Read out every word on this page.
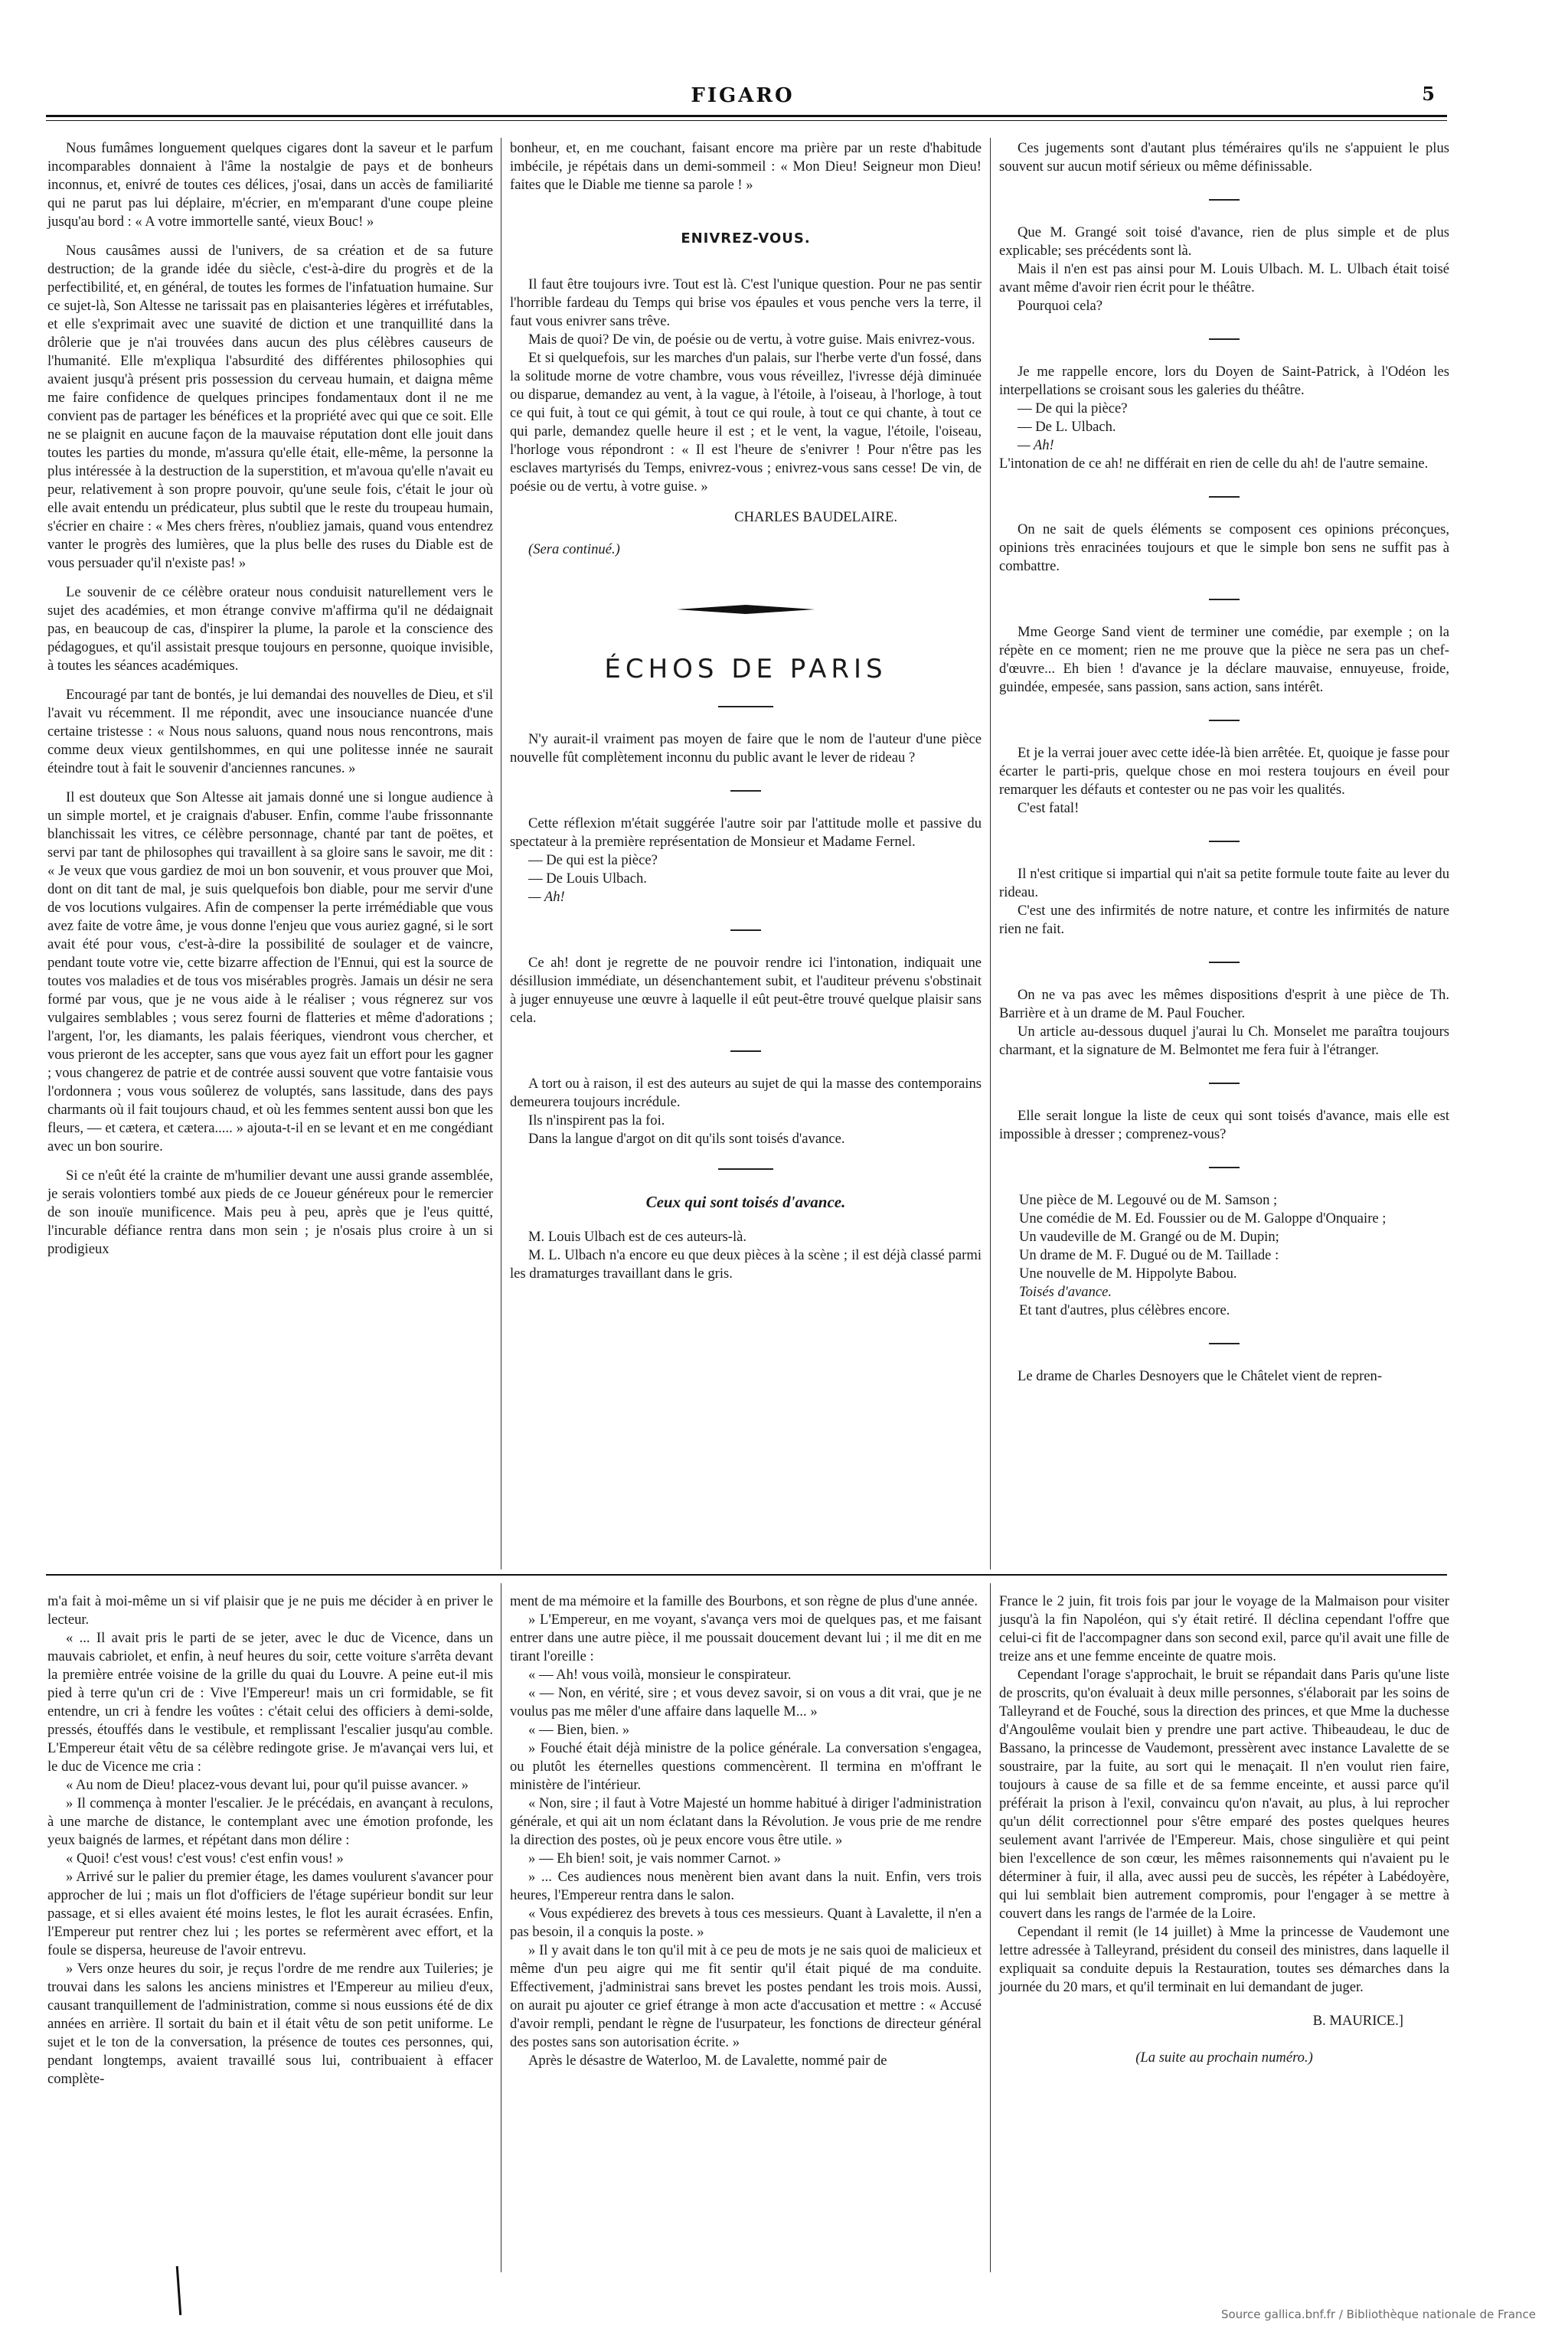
FIGARO	5

Nous fumâmes longuement quelques cigares dont la saveur et le parfum incomparables donnaient à l'âme la nostalgie de pays et de bonheurs inconnus, et, enivré de toutes ces délices, j'osai, dans un accès de familiarité qui ne parut pas lui déplaire, m'écrier, en m'emparant d'une coupe pleine jusqu'au bord : « A votre immortelle santé, vieux Bouc! »

Nous causâmes aussi de l'univers, de sa création et de sa future destruction; de la grande idée du siècle, c'est-à-dire du progrès et de la perfectibilité, et, en général, de toutes les formes de l'infatuation humaine. Sur ce sujet-là, Son Altesse ne tarissait pas en plaisanteries légères et irréfutables, et elle s'exprimait avec une suavité de diction et une tranquillité dans la drôlerie que je n'ai trouvées dans aucun des plus célèbres causeurs de l'humanité. Elle m'expliqua l'absurdité des différentes philosophies qui avaient jusqu'à présent pris possession du cerveau humain, et daigna même me faire confidence de quelques principes fondamentaux dont il ne me convient pas de partager les bénéfices et la propriété avec qui que ce soit. Elle ne se plaignit en aucune façon de la mauvaise réputation dont elle jouit dans toutes les parties du monde, m'assura qu'elle était, elle-même, la personne la plus intéressée à la destruction de la superstition, et m'avoua qu'elle n'avait eu peur, relativement à son propre pouvoir, qu'une seule fois, c'était le jour où elle avait entendu un prédicateur, plus subtil que le reste du troupeau humain, s'écrier en chaire : « Mes chers frères, n'oubliez jamais, quand vous entendrez vanter le progrès des lumières, que la plus belle des ruses du Diable est de vous persuader qu'il n'existe pas! »

Le souvenir de ce célèbre orateur nous conduisit naturellement vers le sujet des académies, et mon étrange convive m'affirma qu'il ne dédaignait pas, en beaucoup de cas, d'inspirer la plume, la parole et la conscience des pédagogues, et qu'il assistait presque toujours en personne, quoique invisible, à toutes les séances académiques.

Encouragé par tant de bontés, je lui demandai des nouvelles de Dieu, et s'il l'avait vu récemment. Il me répondit, avec une insouciance nuancée d'une certaine tristesse : « Nous nous saluons, quand nous nous rencontrons, mais comme deux vieux gentilshommes, en qui une politesse innée ne saurait éteindre tout à fait le souvenir d'anciennes rancunes. »

Il est douteux que Son Altesse ait jamais donné une si longue audience à un simple mortel, et je craignais d'abuser. Enfin, comme l'aube frissonnante blanchissait les vitres, ce célèbre personnage, chanté par tant de poëtes, et servi par tant de philosophes qui travaillent à sa gloire sans le savoir, me dit : « Je veux que vous gardiez de moi un bon souvenir, et vous prouver que Moi, dont on dit tant de mal, je suis quelquefois bon diable, pour me servir d'une de vos locutions vulgaires. Afin de compenser la perte irrémédiable que vous avez faite de votre âme, je vous donne l'enjeu que vous auriez gagné, si le sort avait été pour vous, c'est-à-dire la possibilité de soulager et de vaincre, pendant toute votre vie, cette bizarre affection de l'Ennui, qui est la source de toutes vos maladies et de tous vos misérables progrès. Jamais un désir ne sera formé par vous, que je ne vous aide à le réaliser ; vous régnerez sur vos vulgaires semblables ; vous serez fourni de flatteries et même d'adorations ; l'argent, l'or, les diamants, les palais féeriques, viendront vous chercher, et vous prieront de les accepter, sans que vous ayez fait un effort pour les gagner ; vous changerez de patrie et de contrée aussi souvent que votre fantaisie vous l'ordonnera ; vous vous soûlerez de voluptés, sans lassitude, dans des pays charmants où il fait toujours chaud, et où les femmes sentent aussi bon que les fleurs, — et cætera, et cætera..... » ajouta-t-il en se levant et en me congédiant avec un bon sourire.

Si ce n'eût été la crainte de m'humilier devant une aussi grande assemblée, je serais volontiers tombé aux pieds de ce Joueur généreux pour le remercier de son inouïe munificence. Mais peu à peu, après que je l'eus quitté, l'incurable défiance rentra dans mon sein ; je n'osais plus croire à un si prodigieux

bonheur, et, en me couchant, faisant encore ma prière par un reste d'habitude imbécile, je répétais dans un demi-sommeil : « Mon Dieu! Seigneur mon Dieu! faites que le Diable me tienne sa parole ! »

ENIVREZ-VOUS.

Il faut être toujours ivre. Tout est là. C'est l'unique question. Pour ne pas sentir l'horrible fardeau du Temps qui brise vos épaules et vous penche vers la terre, il faut vous enivrer sans trêve.

Mais de quoi? De vin, de poésie ou de vertu, à votre guise. Mais enivrez-vous.

Et si quelquefois, sur les marches d'un palais, sur l'herbe verte d'un fossé, dans la solitude morne de votre chambre, vous vous réveillez, l'ivresse déjà diminuée ou disparue, demandez au vent, à la vague, à l'étoile, à l'oiseau, à l'horloge, à tout ce qui fuit, à tout ce qui gémit, à tout ce qui roule, à tout ce qui chante, à tout ce qui parle, demandez quelle heure il est ; et le vent, la vague, l'étoile, l'oiseau, l'horloge vous répondront : « Il est l'heure de s'enivrer ! Pour n'être pas les esclaves martyrisés du Temps, enivrez-vous ; enivrez-vous sans cesse! De vin, de poésie ou de vertu, à votre guise. »

CHARLES BAUDELAIRE.
(Sera continué.)
ÉCHOS DE PARIS

N'y aurait-il vraiment pas moyen de faire que le nom de l'auteur d'une pièce nouvelle fût complètement inconnu du public avant le lever de rideau ?

Cette réflexion m'était suggérée l'autre soir par l'attitude molle et passive du spectateur à la première représentation de Monsieur et Madame Fernel.

— De qui est la pièce?

— De Louis Ulbach.

— Ah!

Ce ah! dont je regrette de ne pouvoir rendre ici l'intonation, indiquait une désillusion immédiate, un désenchantement subit, et l'auditeur prévenu s'obstinait à juger ennuyeuse une œuvre à laquelle il eût peut-être trouvé quelque plaisir sans cela.

A tort ou à raison, il est des auteurs au sujet de qui la masse des contemporains demeurera toujours incrédule.

Ils n'inspirent pas la foi.

Dans la langue d'argot on dit qu'ils sont toisés d'avance.

Ceux qui sont toisés d'avance.

M. Louis Ulbach est de ces auteurs-là.

M. L. Ulbach n'a encore eu que deux pièces à la scène ; il est déjà classé parmi les dramaturges travaillant dans le gris.

Ces jugements sont d'autant plus téméraires qu'ils ne s'appuient le plus souvent sur aucun motif sérieux ou même définissable.

Que M. Grangé soit toisé d'avance, rien de plus simple et de plus explicable; ses précédents sont là.

Mais il n'en est pas ainsi pour M. Louis Ulbach. M. L. Ulbach était toisé avant même d'avoir rien écrit pour le théâtre.

Pourquoi cela?

Je me rappelle encore, lors du Doyen de Saint-Patrick, à l'Odéon les interpellations se croisant sous les galeries du théâtre.

— De qui la pièce?

— De L. Ulbach.

— Ah!

L'intonation de ce ah! ne différait en rien de celle du ah! de l'autre semaine.

On ne sait de quels éléments se composent ces opinions préconçues, opinions très enracinées toujours et que le simple bon sens ne suffit pas à combattre.

Mme George Sand vient de terminer une comédie, par exemple ; on la répète en ce moment; rien ne me prouve que la pièce ne sera pas un chef-d'œuvre... Eh bien ! d'avance je la déclare mauvaise, ennuyeuse, froide, guindée, empesée, sans passion, sans action, sans intérêt.

Et je la verrai jouer avec cette idée-là bien arrêtée. Et, quoique je fasse pour écarter le parti-pris, quelque chose en moi restera toujours en éveil pour remarquer les défauts et contester ou ne pas voir les qualités.

C'est fatal!

Il n'est critique si impartial qui n'ait sa petite formule toute faite au lever du rideau.

C'est une des infirmités de notre nature, et contre les infirmités de nature rien ne fait.

On ne va pas avec les mêmes dispositions d'esprit à une pièce de Th. Barrière et à un drame de M. Paul Foucher.

Un article au-dessous duquel j'aurai lu Ch. Monselet me paraîtra toujours charmant, et la signature de M. Belmontet me fera fuir à l'étranger.

Elle serait longue la liste de ceux qui sont toisés d'avance, mais elle est impossible à dresser ; comprenez-vous?

Une pièce de M. Legouvé ou de M. Samson ;

Une comédie de M. Ed. Foussier ou de M. Galoppe d'Onquaire ;

Un vaudeville de M. Grangé ou de M. Dupin;

Un drame de M. F. Dugué ou de M. Taillade :

Une nouvelle de M. Hippolyte Babou.

Toisés d'avance.

Et tant d'autres, plus célèbres encore.

Le drame de Charles Desnoyers que le Châtelet vient de repren-

m'a fait à moi-même un si vif plaisir que je ne puis me décider à en priver le lecteur.

« ... Il avait pris le parti de se jeter, avec le duc de Vicence, dans un mauvais cabriolet, et enfin, à neuf heures du soir, cette voiture s'arrêta devant la première entrée voisine de la grille du quai du Louvre. A peine eut-il mis pied à terre qu'un cri de : Vive l'Empereur! mais un cri formidable, se fit entendre, un cri à fendre les voûtes : c'était celui des officiers à demi-solde, pressés, étouffés dans le vestibule, et remplissant l'escalier jusqu'au comble. L'Empereur était vêtu de sa célèbre redingote grise. Je m'avançai vers lui, et le duc de Vicence me cria :

« Au nom de Dieu! placez-vous devant lui, pour qu'il puisse avancer. »

» Il commença à monter l'escalier. Je le précédais, en avançant à reculons, à une marche de distance, le contemplant avec une émotion profonde, les yeux baignés de larmes, et répétant dans mon délire :

« Quoi! c'est vous! c'est vous! c'est enfin vous! »

» Arrivé sur le palier du premier étage, les dames voulurent s'avancer pour approcher de lui ; mais un flot d'officiers de l'étage supérieur bondit sur leur passage, et si elles avaient été moins lestes, le flot les aurait écrasées. Enfin, l'Empereur put rentrer chez lui ; les portes se refermèrent avec effort, et la foule se dispersa, heureuse de l'avoir entrevu.

» Vers onze heures du soir, je reçus l'ordre de me rendre aux Tuileries; je trouvai dans les salons les anciens ministres et l'Empereur au milieu d'eux, causant tranquillement de l'administration, comme si nous eussions été de dix années en arrière. Il sortait du bain et il était vêtu de son petit uniforme. Le sujet et le ton de la conversation, la présence de toutes ces personnes, qui, pendant longtemps, avaient travaillé sous lui, contribuaient à effacer complète-

ment de ma mémoire et la famille des Bourbons, et son règne de plus d'une année.

» L'Empereur, en me voyant, s'avança vers moi de quelques pas, et me faisant entrer dans une autre pièce, il me poussait doucement devant lui ; il me dit en me tirant l'oreille :

« — Ah! vous voilà, monsieur le conspirateur.

« — Non, en vérité, sire ; et vous devez savoir, si on vous a dit vrai, que je ne voulus pas me mêler d'une affaire dans laquelle M... »

« — Bien, bien. »

» Fouché était déjà ministre de la police générale. La conversation s'engagea, ou plutôt les éternelles questions commencèrent. Il termina en m'offrant le ministère de l'intérieur.

« Non, sire ; il faut à Votre Majesté un homme habitué à diriger l'administration générale, et qui ait un nom éclatant dans la Révolution. Je vous prie de me rendre la direction des postes, où je peux encore vous être utile. »

» — Eh bien! soit, je vais nommer Carnot. »

» ... Ces audiences nous menèrent bien avant dans la nuit. Enfin, vers trois heures, l'Empereur rentra dans le salon.

« Vous expédierez des brevets à tous ces messieurs. Quant à Lavalette, il n'en a pas besoin, il a conquis la poste. »

» Il y avait dans le ton qu'il mit à ce peu de mots je ne sais quoi de malicieux et même d'un peu aigre qui me fit sentir qu'il était piqué de ma conduite. Effectivement, j'administrai sans brevet les postes pendant les trois mois. Aussi, on aurait pu ajouter ce grief étrange à mon acte d'accusation et mettre : « Accusé d'avoir rempli, pendant le règne de l'usurpateur, les fonctions de directeur général des postes sans son autorisation écrite. »

Après le désastre de Waterloo, M. de Lavalette, nommé pair de

France le 2 juin, fit trois fois par jour le voyage de la Malmaison pour visiter jusqu'à la fin Napoléon, qui s'y était retiré. Il déclina cependant l'offre que celui-ci fit de l'accompagner dans son second exil, parce qu'il avait une fille de treize ans et une femme enceinte de quatre mois.

Cependant l'orage s'approchait, le bruit se répandait dans Paris qu'une liste de proscrits, qu'on évaluait à deux mille personnes, s'élaborait par les soins de Talleyrand et de Fouché, sous la direction des princes, et que Mme la duchesse d'Angoulême voulait bien y prendre une part active. Thibeaudeau, le duc de Bassano, la princesse de Vaudemont, pressèrent avec instance Lavalette de se soustraire, par la fuite, au sort qui le menaçait. Il n'en voulut rien faire, toujours à cause de sa fille et de sa femme enceinte, et aussi parce qu'il préférait la prison à l'exil, convaincu qu'on n'avait, au plus, à lui reprocher qu'un délit correctionnel pour s'être emparé des postes quelques heures seulement avant l'arrivée de l'Empereur. Mais, chose singulière et qui peint bien l'excellence de son cœur, les mêmes raisonnements qui n'avaient pu le déterminer à fuir, il alla, avec aussi peu de succès, les répéter à Labédoyère, qui lui semblait bien autrement compromis, pour l'engager à se mettre à couvert dans les rangs de l'armée de la Loire.

Cependant il remit (le 14 juillet) à Mme la princesse de Vaudemont une lettre adressée à Talleyrand, président du conseil des ministres, dans laquelle il expliquait sa conduite depuis la Restauration, toutes ses démarches dans la journée du 20 mars, et qu'il terminait en lui demandant de juger.

B. MAURICE.]
(La suite au prochain numéro.)
Source gallica.bnf.fr / Bibliothèque nationale de France
